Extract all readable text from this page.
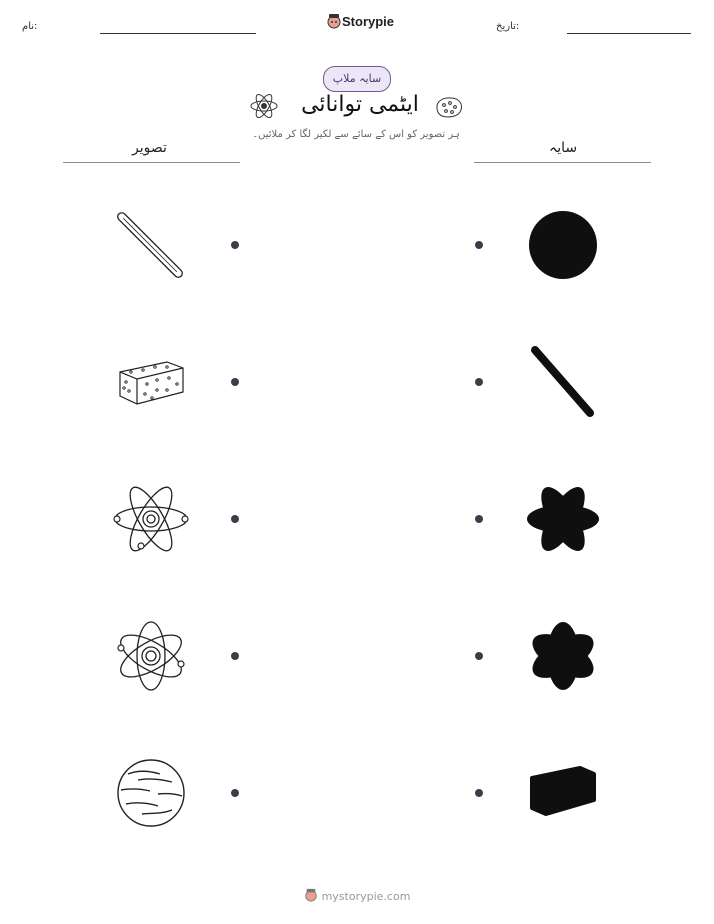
نام:	Storypie	تاریخ:
سایہ ملاپ
ایٹمی توانائی
ہر تصویر کو اس کے سائے سے لکیر لگا کر ملائیں۔
تصویر	سایہ
mystorypie.com
